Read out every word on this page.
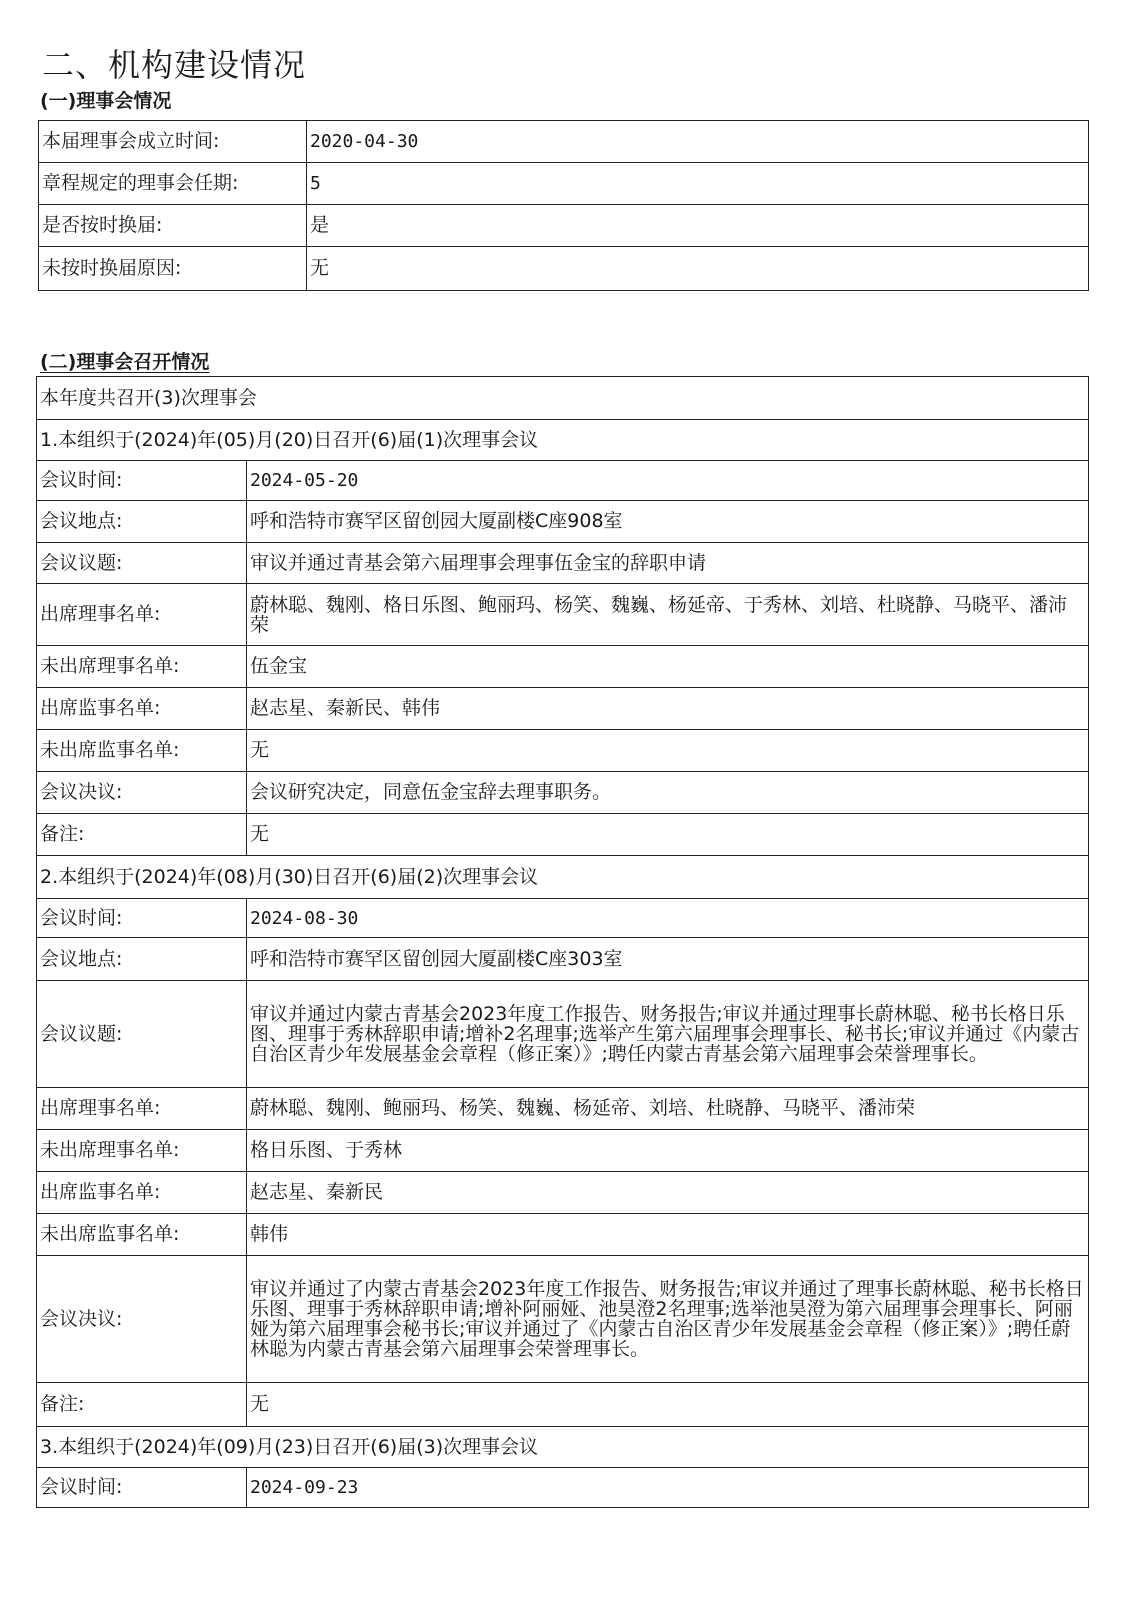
二、机构建设情况
(一)理事会情况
本届理事会成立时间:	2020-04-30
章程规定的理事会任期:	5
是否按时换届:	是
未按时换届原因:	无
(二)理事会召开情况
本年度共召开(3)次理事会	
1.本组织于(2024)年(05)月(20)日召开(6)届(1)次理事会议	
会议时间:	2024-05-20
会议地点:	呼和浩特市赛罕区留创园大厦副楼C座908室
会议议题:	审议并通过青基会第六届理事会理事伍金宝的辞职申请
出席理事名单:	蔚林聪、魏刚、格日乐图、鲍丽玛、杨笑、魏巍、杨延帝、于秀林、刘培、杜晓静、马晓平、潘沛荣
未出席理事名单:	伍金宝
出席监事名单:	赵志星、秦新民、韩伟
未出席监事名单:	无
会议决议:	会议研究决定，同意伍金宝辞去理事职务。
备注:	无
2.本组织于(2024)年(08)月(30)日召开(6)届(2)次理事会议	
会议时间:	2024-08-30
会议地点:	呼和浩特市赛罕区留创园大厦副楼C座303室
会议议题:	审议并通过内蒙古青基会2023年度工作报告、财务报告;审议并通过理事长蔚林聪、秘书长格日乐图、理事于秀林辞职申请;增补2名理事;选举产生第六届理事会理事长、秘书长;审议并通过《内蒙古自治区青少年发展基金会章程（修正案）》;聘任内蒙古青基会第六届理事会荣誉理事长。
出席理事名单:	蔚林聪、魏刚、鲍丽玛、杨笑、魏巍、杨延帝、刘培、杜晓静、马晓平、潘沛荣
未出席理事名单:	格日乐图、于秀林
出席监事名单:	赵志星、秦新民
未出席监事名单:	韩伟
会议决议:	审议并通过了内蒙古青基会2023年度工作报告、财务报告;审议并通过了理事长蔚林聪、秘书长格日乐图、理事于秀林辞职申请;增补阿丽娅、池昊澄2名理事;选举池昊澄为第六届理事会理事长、阿丽娅为第六届理事会秘书长;审议并通过了《内蒙古自治区青少年发展基金会章程（修正案）》;聘任蔚林聪为内蒙古青基会第六届理事会荣誉理事长。
备注:	无
3.本组织于(2024)年(09)月(23)日召开(6)届(3)次理事会议	
会议时间:	2024-09-23
